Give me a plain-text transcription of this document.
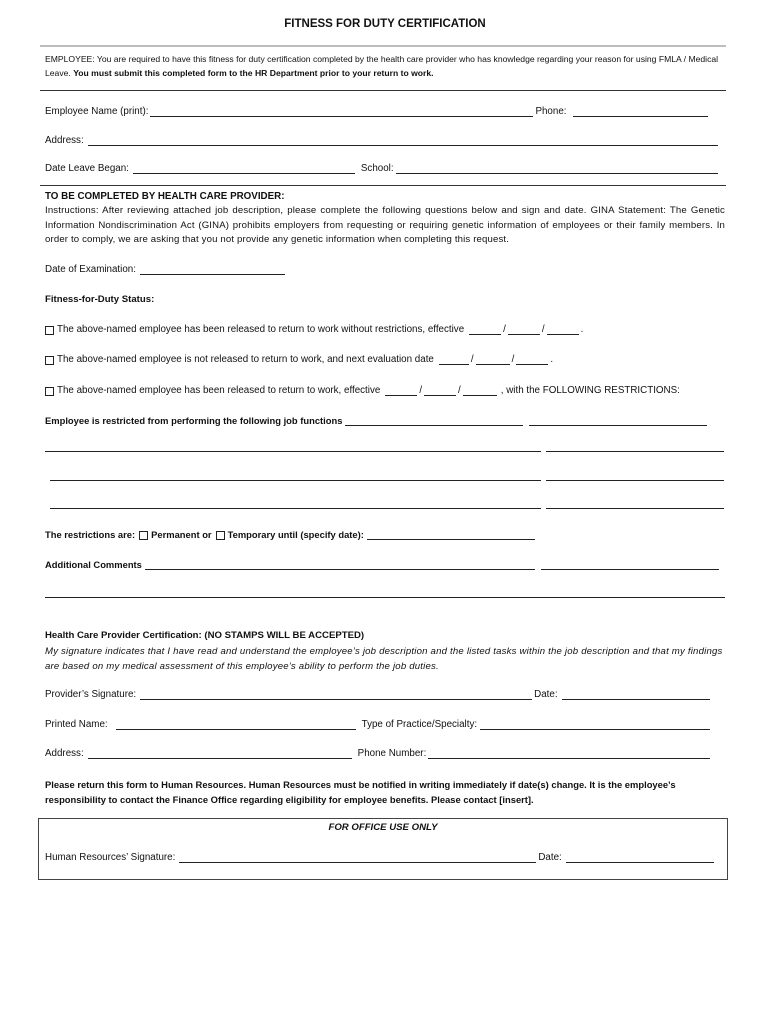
FITNESS FOR DUTY CERTIFICATION
EMPLOYEE: You are required to have this fitness for duty certification completed by the health care provider who has knowledge regarding your reason for using FMLA / Medical Leave. You must submit this completed form to the HR Department prior to your return to work.
Employee Name (print):	Phone:
Address:
Date Leave Began:	School:
TO BE COMPLETED BY HEALTH CARE PROVIDER:
Instructions: After reviewing attached job description, please complete the following questions below and sign and date. GINA Statement: The Genetic Information Nondiscrimination Act (GINA) prohibits employers from requesting or requiring genetic information of employees or their family members. In order to comply, we are asking that you not provide any genetic information when completing this request.
Date of Examination:
Fitness-for-Duty Status:
The above-named employee has been released to return to work without restrictions, effective	/	/	.
The above-named employee is not released to return to work, and next evaluation date	/	/	.
The above-named employee has been released to return to work, effective	/	/	, with the FOLLOWING RESTRICTIONS:
Employee is restricted from performing the following job functions
The restrictions are: Permanent or Temporary until (specify date):
Additional Comments
Health Care Provider Certification: (NO STAMPS WILL BE ACCEPTED)
My signature indicates that I have read and understand the employee’s job description and the listed tasks within the job description and that my findings are based on my medical assessment of this employee’s ability to perform the job duties.
Provider’s Signature:	Date:
Printed Name:	Type of Practice/Specialty:
Address:	Phone Number:
Please return this form to Human Resources. Human Resources must be notified in writing immediately if date(s) change. It is the employee’s responsibility to contact the Finance Office regarding eligibility for employee benefits. Please contact [insert].
FOR OFFICE USE ONLY
Human Resources’ Signature:	Date:
